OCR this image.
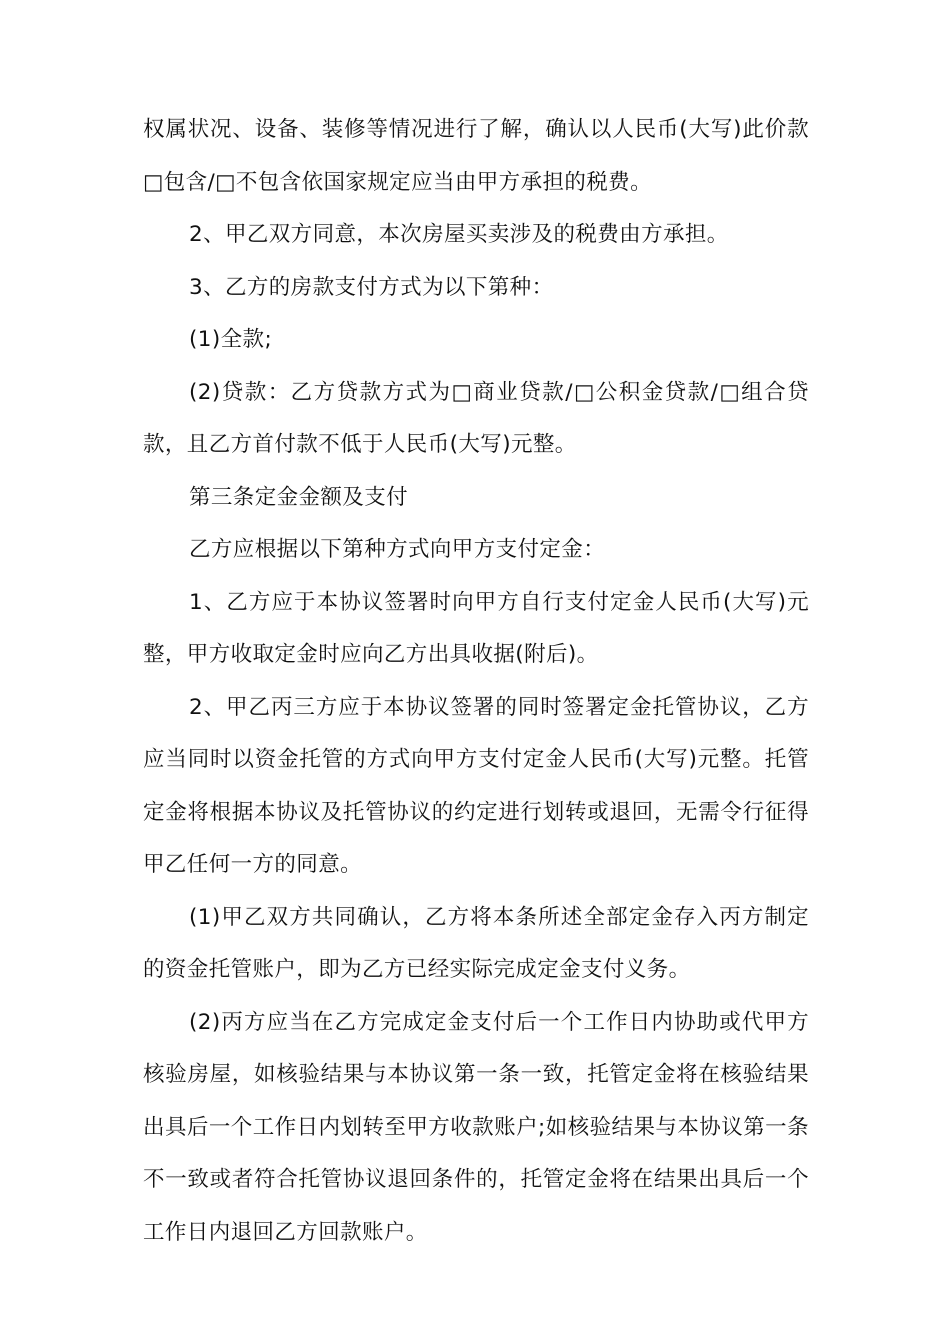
权属状况、设备、装修等情况进行了解，确认以人民币(大写)此价款□包含/□不包含依国家规定应当由甲方承担的税费。

2、甲乙双方同意，本次房屋买卖涉及的税费由方承担。

3、乙方的房款支付方式为以下第种：

(1)全款;

(2)贷款：乙方贷款方式为□商业贷款/□公积金贷款/□组合贷款，且乙方首付款不低于人民币(大写)元整。

第三条定金金额及支付

乙方应根据以下第种方式向甲方支付定金：

1、乙方应于本协议签署时向甲方自行支付定金人民币(大写)元整，甲方收取定金时应向乙方出具收据(附后)。

2、甲乙丙三方应于本协议签署的同时签署定金托管协议，乙方应当同时以资金托管的方式向甲方支付定金人民币(大写)元整。托管定金将根据本协议及托管协议的约定进行划转或退回，无需令行征得甲乙任何一方的同意。

(1)甲乙双方共同确认，乙方将本条所述全部定金存入丙方制定的资金托管账户，即为乙方已经实际完成定金支付义务。

(2)丙方应当在乙方完成定金支付后一个工作日内协助或代甲方核验房屋，如核验结果与本协议第一条一致，托管定金将在核验结果出具后一个工作日内划转至甲方收款账户;如核验结果与本协议第一条不一致或者符合托管协议退回条件的，托管定金将在结果出具后一个工作日内退回乙方回款账户。
